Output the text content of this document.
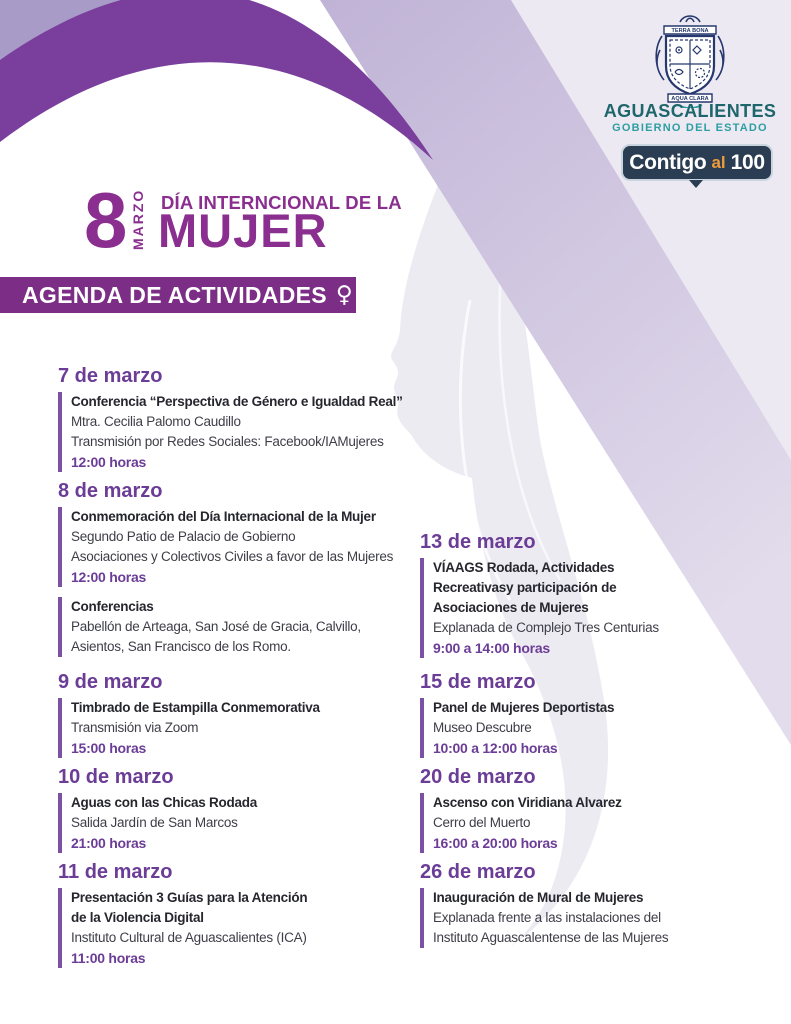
TERRA BONA
AQUA CLARA
AGUASCALIENTES
GOBIERNO DEL ESTADO
Contigo al 100
8 MARZO DÍA INTERNCIONAL DE LA
MUJER
AGENDA DE ACTIVIDADES ♀
7 de marzo
Conferencia “Perspectiva de Género e Igualdad Real”
Mtra. Cecilia Palomo Caudillo
Transmisión por Redes Sociales: Facebook/IAMujeres
12:00 horas
8 de marzo
Conmemoración del Día Internacional de la Mujer
Segundo Patio de Palacio de Gobierno
Asociaciones y Colectivos Civiles a favor de las Mujeres
12:00 horas
Conferencias
Pabellón de Arteaga, San José de Gracia, Calvillo,
Asientos, San Francisco de los Romo.
9 de marzo
Timbrado de Estampilla Conmemorativa
Transmisión via Zoom
15:00 horas
10 de marzo
Aguas con las Chicas Rodada
Salida Jardín de San Marcos
21:00 horas
11 de marzo
Presentación 3 Guías para la Atención
de la Violencia Digital
Instituto Cultural de Aguascalientes (ICA)
11:00 horas
13 de marzo
VÍAAGS Rodada, Actividades
Recreativasy participación de
Asociaciones de Mujeres
Explanada de Complejo Tres Centurias
9:00 a 14:00 horas
15 de marzo
Panel de Mujeres Deportistas
Museo Descubre
10:00 a 12:00 horas
20 de marzo
Ascenso con Viridiana Alvarez
Cerro del Muerto
16:00 a 20:00 horas
26 de marzo
Inauguración de Mural de Mujeres
Explanada frente a las instalaciones del
Instituto Aguascalentense de las Mujeres
